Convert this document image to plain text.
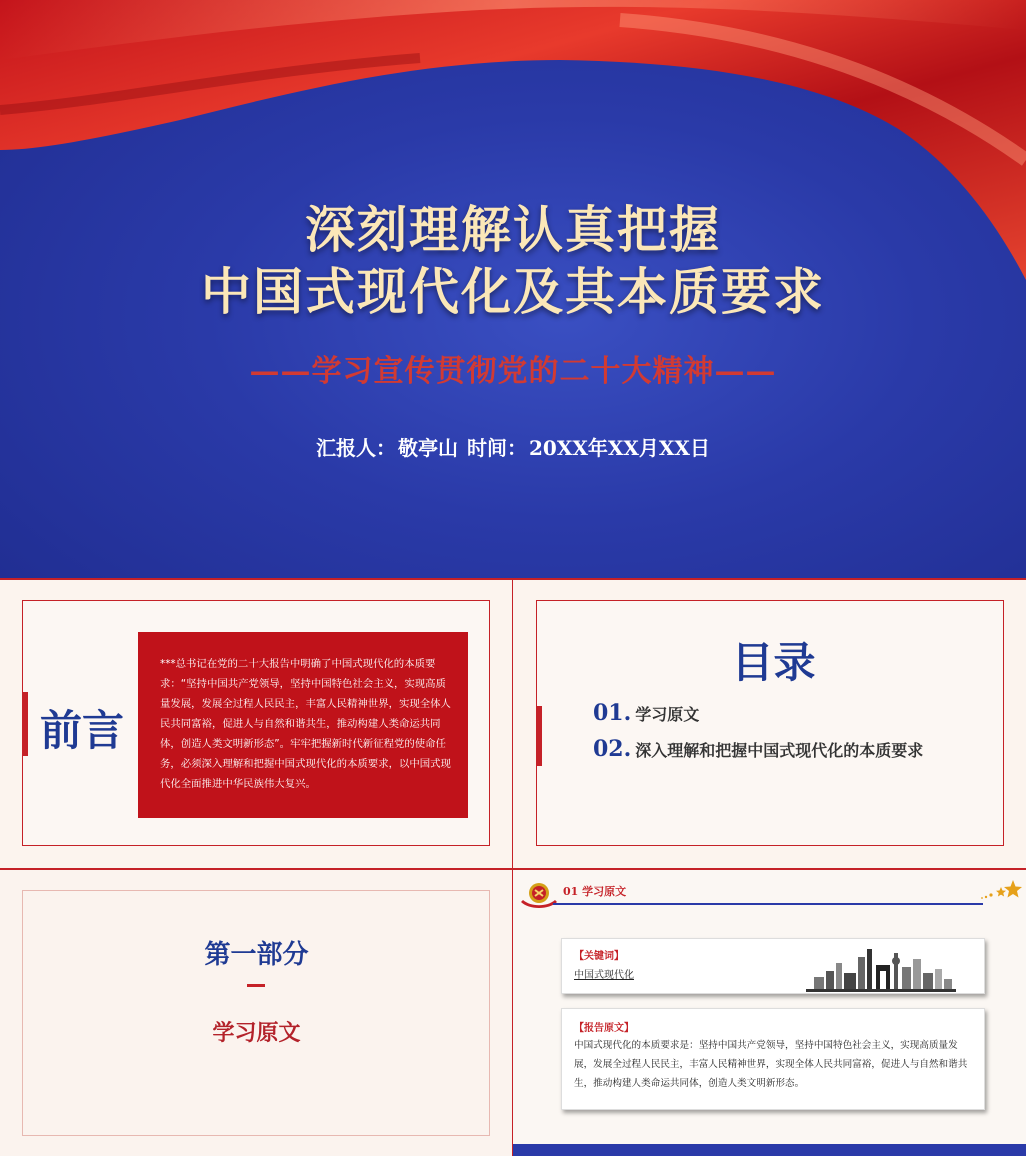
深刻理解认真把握
中国式现代化及其本质要求
——学习宣传贯彻党的二十大精神——
汇报人： 敬亭山 时间： 20XX年XX月XX日
前言
***总书记在党的二十大报告中明确了中国式现代化的本质要求：“坚持中国共产党领导，坚持中国特色社会主义，实现高质量发展，发展全过程人民民主，丰富人民精神世界，实现全体人民共同富裕，促进人与自然和谐共生，推动构建人类命运共同体，创造人类文明新形态”。牢牢把握新时代新征程党的使命任务，必须深入理解和把握中国式现代化的本质要求，以中国式现代化全面推进中华民族伟大复兴。
目录
01. 学习原文
02. 深入理解和把握中国式现代化的本质要求
第一部分
学习原文
01 学习原文
【关键词】
中国式现代化
【报告原文】
中国式现代化的本质要求是：坚持中国共产党领导，坚持中国特色社会主义，实现高质量发展，发展全过程人民民主，丰富人民精神世界，实现全体人民共同富裕，促进人与自然和谐共生，推动构建人类命运共同体，创造人类文明新形态。
